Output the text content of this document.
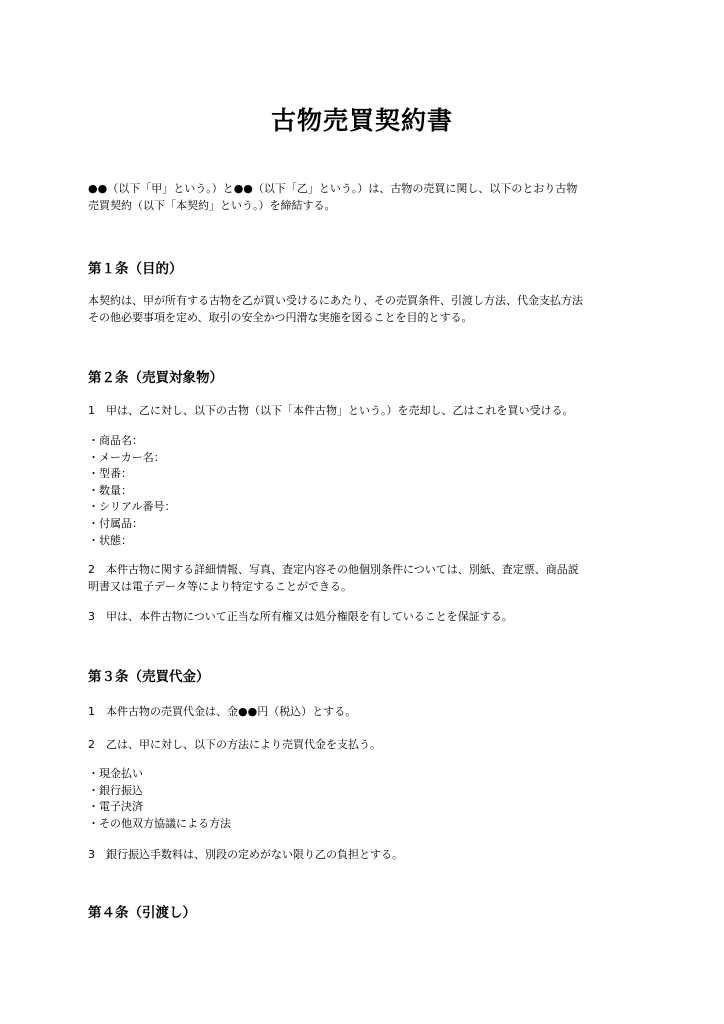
古物売買契約書
●●（以下「甲」という。）と●●（以下「乙」という。）は、古物の売買に関し、以下のとおり古物
売買契約（以下「本契約」という。）を締結する。
第１条（目的）
本契約は、甲が所有する古物を乙が買い受けるにあたり、その売買条件、引渡し方法、代金支払方法
その他必要事項を定め、取引の安全かつ円滑な実施を図ることを目的とする。
第２条（売買対象物）
1　甲は、乙に対し、以下の古物（以下「本件古物」という。）を売却し、乙はこれを買い受ける。
・商品名：
・メーカー名：
・型番：
・数量：
・シリアル番号：
・付属品：
・状態：
2　本件古物に関する詳細情報、写真、査定内容その他個別条件については、別紙、査定票、商品説
明書又は電子データ等により特定することができる。
3　甲は、本件古物について正当な所有権又は処分権限を有していることを保証する。
第３条（売買代金）
1　本件古物の売買代金は、金●●円（税込）とする。
2　乙は、甲に対し、以下の方法により売買代金を支払う。
・現金払い
・銀行振込
・電子決済
・その他双方協議による方法
3　銀行振込手数料は、別段の定めがない限り乙の負担とする。
第４条（引渡し）
